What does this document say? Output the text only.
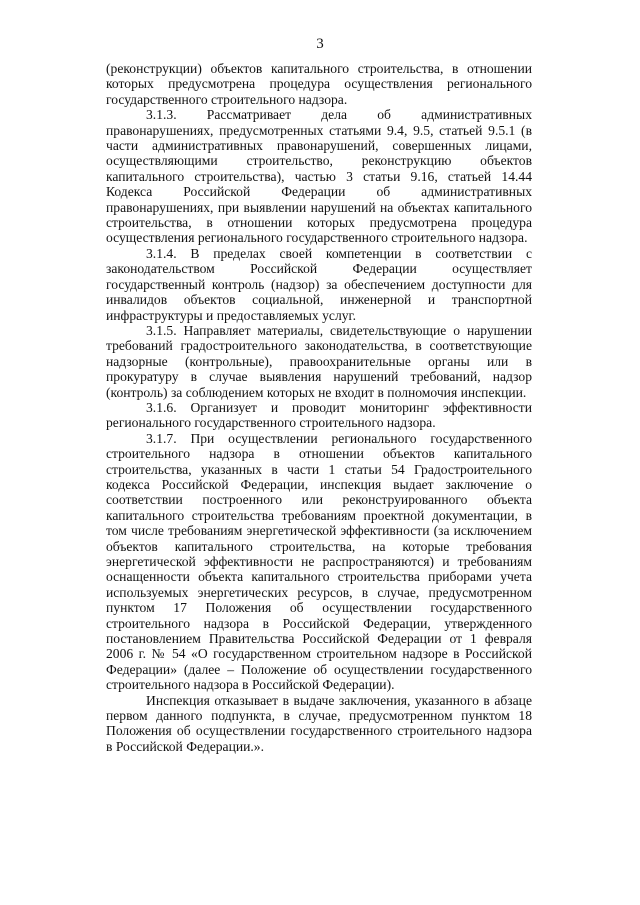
3

(реконструкции) объектов капитального строительства, в отношении которых предусмотрена процедура осуществления регионального государственного строительного надзора.

3.1.3. Рассматривает дела об административных правонарушениях, предусмотренных статьями 9.4, 9.5, статьей 9.5.1 (в части административных правонарушений, совершенных лицами, осуществляющими строительство, реконструкцию объектов капитального строительства), частью 3 статьи 9.16, статьей 14.44 Кодекса Российской Федерации об административных правонарушениях, при выявлении нарушений на объектах капитального строительства, в отношении которых предусмотрена процедура осуществления регионального государственного строительного надзора.

3.1.4. В пределах своей компетенции в соответствии с законодательством Российской Федерации осуществляет государственный контроль (надзор) за обеспечением доступности для инвалидов объектов социальной, инженерной и транспортной инфраструктуры и предоставляемых услуг.

3.1.5. Направляет материалы, свидетельствующие о нарушении требований градостроительного законодательства, в соответствующие надзорные (контрольные), правоохранительные органы или в прокуратуру в случае выявления нарушений требований, надзор (контроль) за соблюдением которых не входит в полномочия инспекции.

3.1.6. Организует и проводит мониторинг эффективности регионального государственного строительного надзора.

3.1.7. При осуществлении регионального государственного строительного надзора в отношении объектов капитального строительства, указанных в части 1 статьи 54 Градостроительного кодекса Российской Федерации, инспекция выдает заключение о соответствии построенного или реконструированного объекта капитального строительства требованиям проектной документации, в том числе требованиям энергетической эффективности (за исключением объектов капитального строительства, на которые требования энергетической эффективности не распространяются) и требованиям оснащенности объекта капитального строительства приборами учета используемых энергетических ресурсов, в случае, предусмотренном пунктом 17 Положения об осуществлении государственного строительного надзора в Российской Федерации, утвержденного постановлением Правительства Российской Федерации от 1 февраля 2006 г. № 54 «О государственном строительном надзоре в Российской Федерации» (далее – Положение об осуществлении государственного строительного надзора в Российской Федерации).

Инспекция отказывает в выдаче заключения, указанного в абзаце первом данного подпункта, в случае, предусмотренном пунктом 18 Положения об осуществлении государственного строительного надзора в Российской Федерации.».
